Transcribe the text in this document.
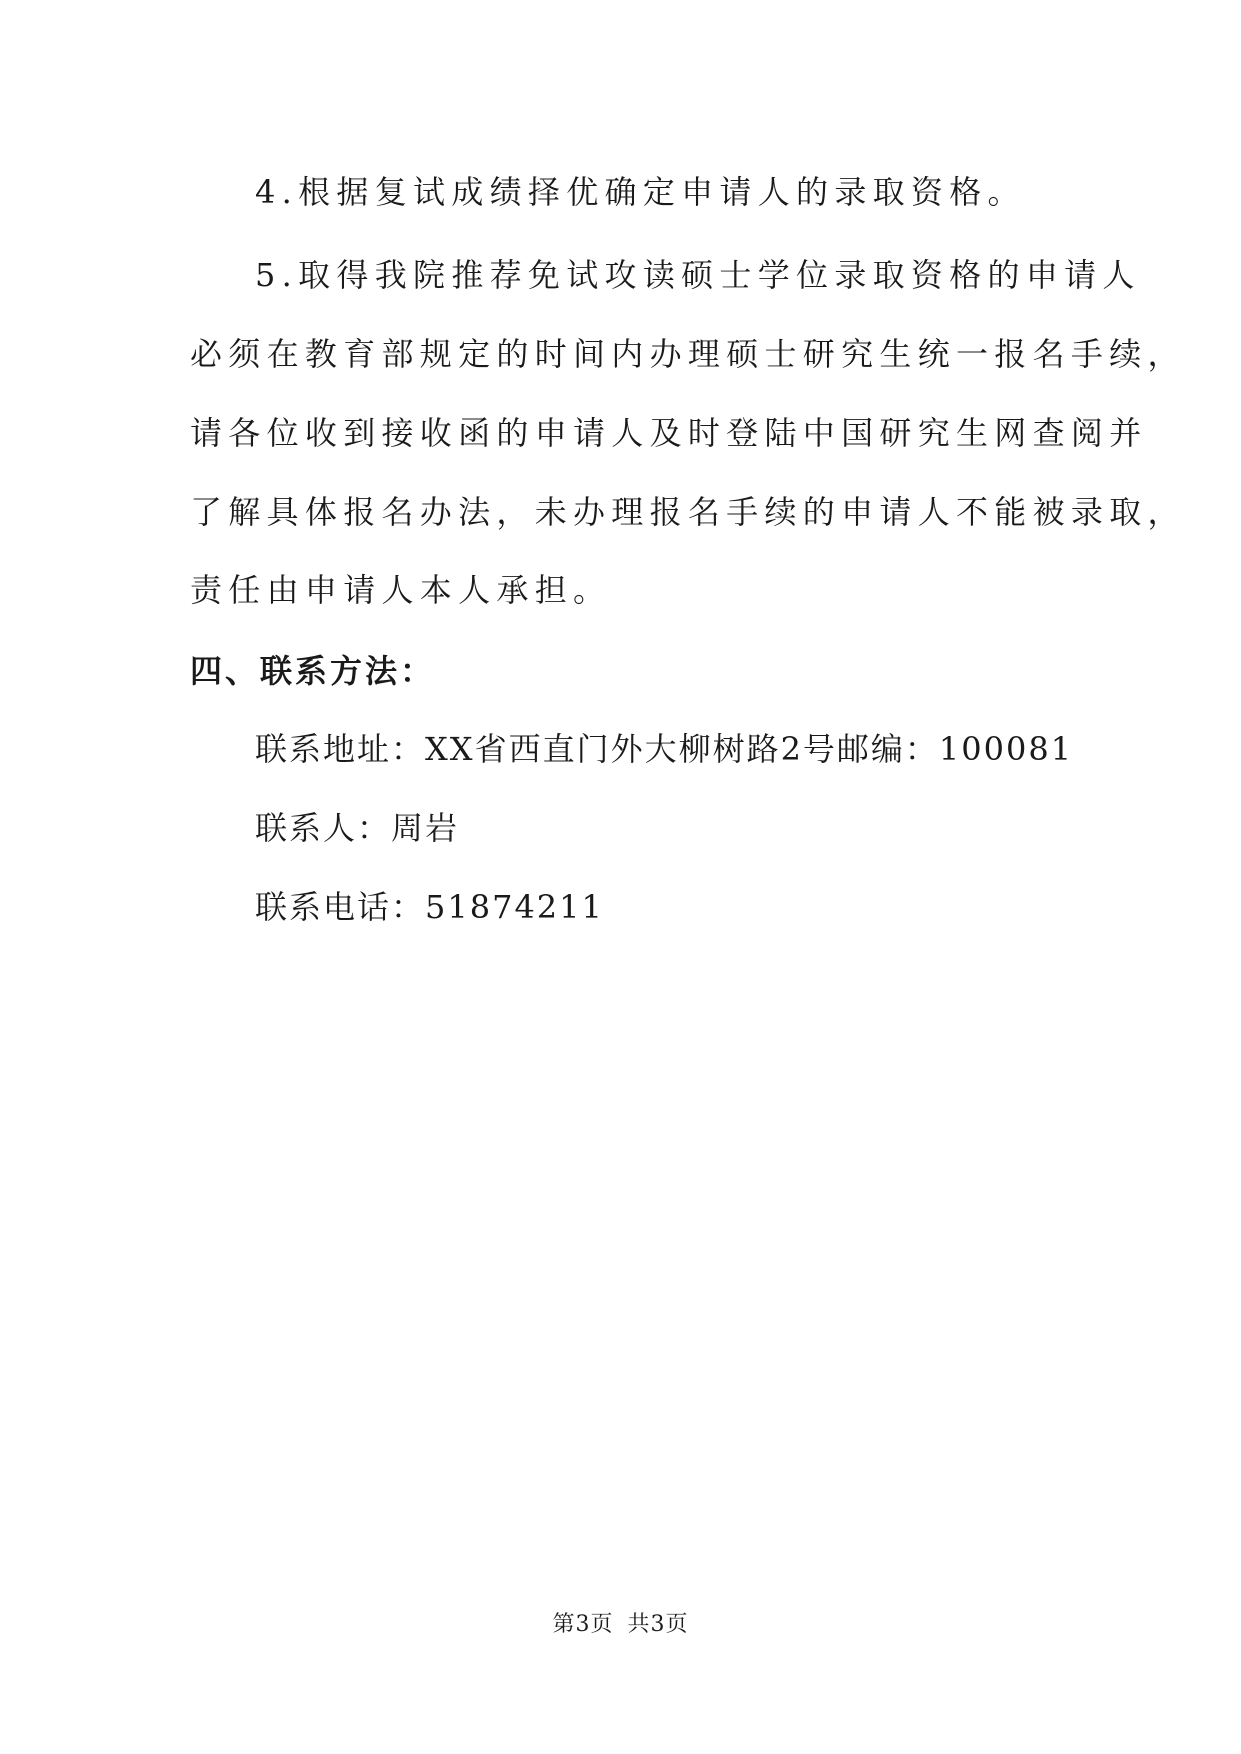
4.根据复试成绩择优确定申请人的录取资格。
5.取得我院推荐免试攻读硕士学位录取资格的申请人
必须在教育部规定的时间内办理硕士研究生统一报名手续，
请各位收到接收函的申请人及时登陆中国研究生网查阅并
了解具体报名办法，未办理报名手续的申请人不能被录取，
责任由申请人本人承担。
四、联系方法：
联系地址：XX省西直门外大柳树路2号邮编：100081
联系人：周岩
联系电话：51874211
第3页 共3页
